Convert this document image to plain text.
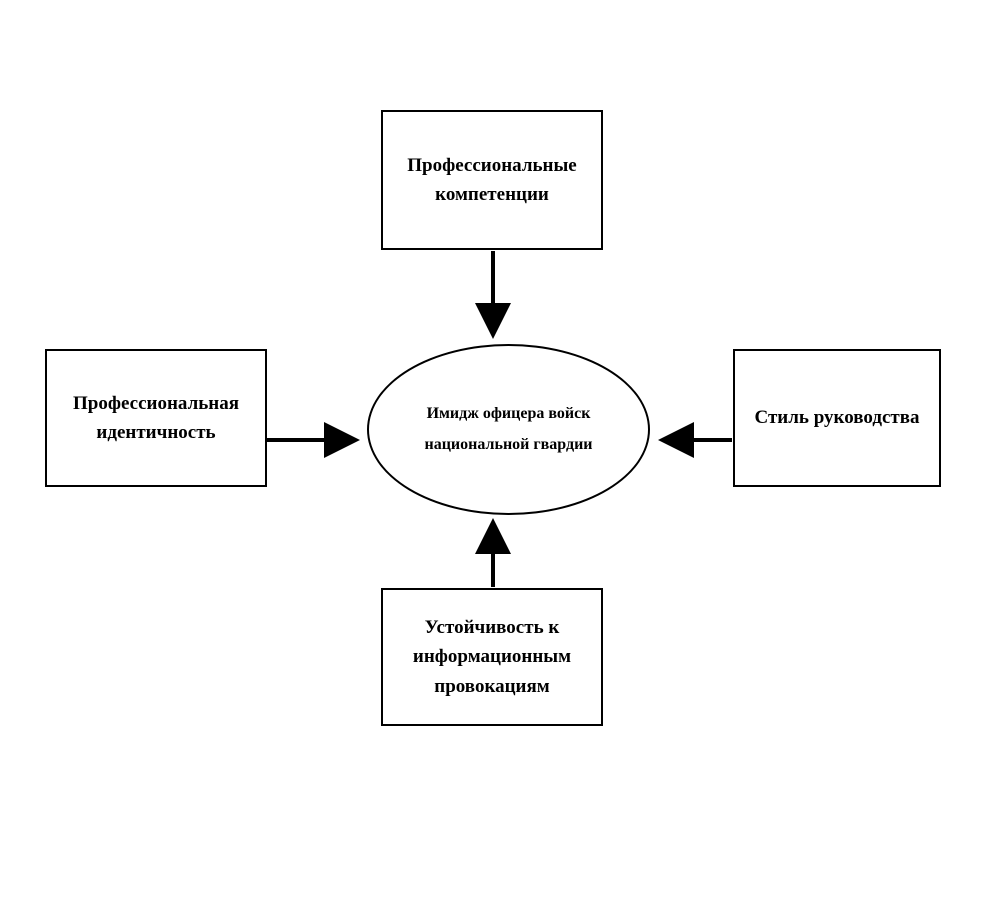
Профессиональные компетенции
Профессиональная идентичность
Стиль руководства
Устойчивость к информационным провокациям
Имидж офицера войск национальной гвардии
